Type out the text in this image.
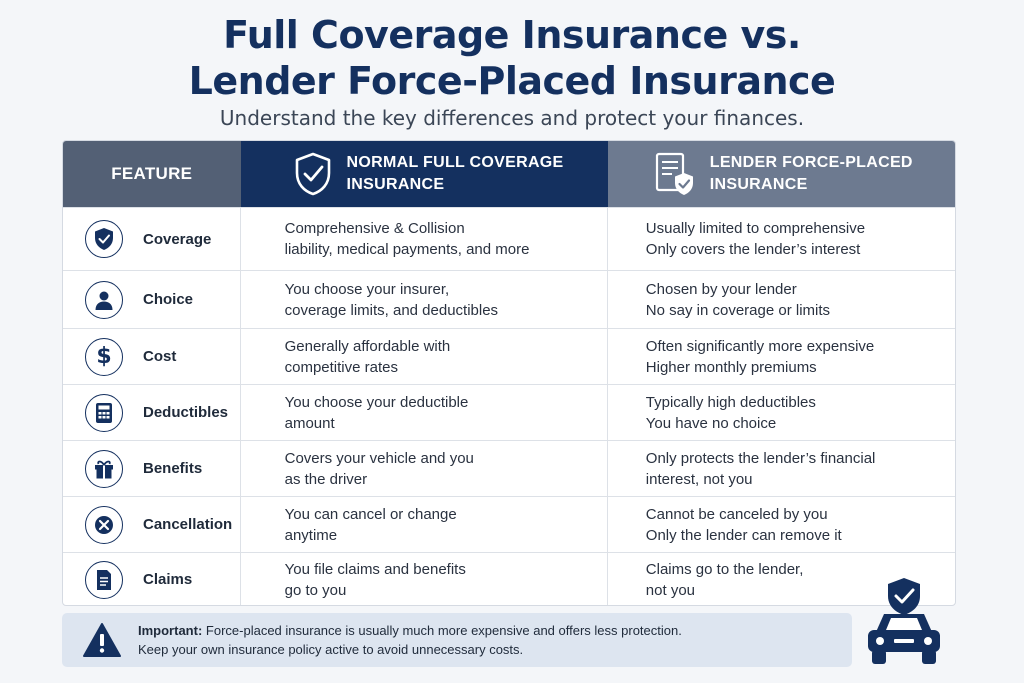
Full Coverage Insurance vs.
Lender Force-Placed Insurance
Understand the key differences and protect your finances.
FEATURE
NORMAL FULL COVERAGE
INSURANCE
LENDER FORCE-PLACED
INSURANCE
Coverage
Comprehensive & Collision
liability, medical payments, and more
Usually limited to comprehensive
Only covers the lender’s interest
Choice
You choose your insurer,
coverage limits, and deductibles
Chosen by your lender
No say in coverage or limits
$ Cost
Generally affordable with
competitive rates
Often significantly more expensive
Higher monthly premiums
Deductibles
You choose your deductible
amount
Typically high deductibles
You have no choice
Benefits
Covers your vehicle and you
as the driver
Only protects the lender’s financial
interest, not you
Cancellation
You can cancel or change
anytime
Cannot be canceled by you
Only the lender can remove it
Claims
You file claims and benefits
go to you
Claims go to the lender,
not you
Important: Force-placed insurance is usually much more expensive and offers less protection.
Keep your own insurance policy active to avoid unnecessary costs.
